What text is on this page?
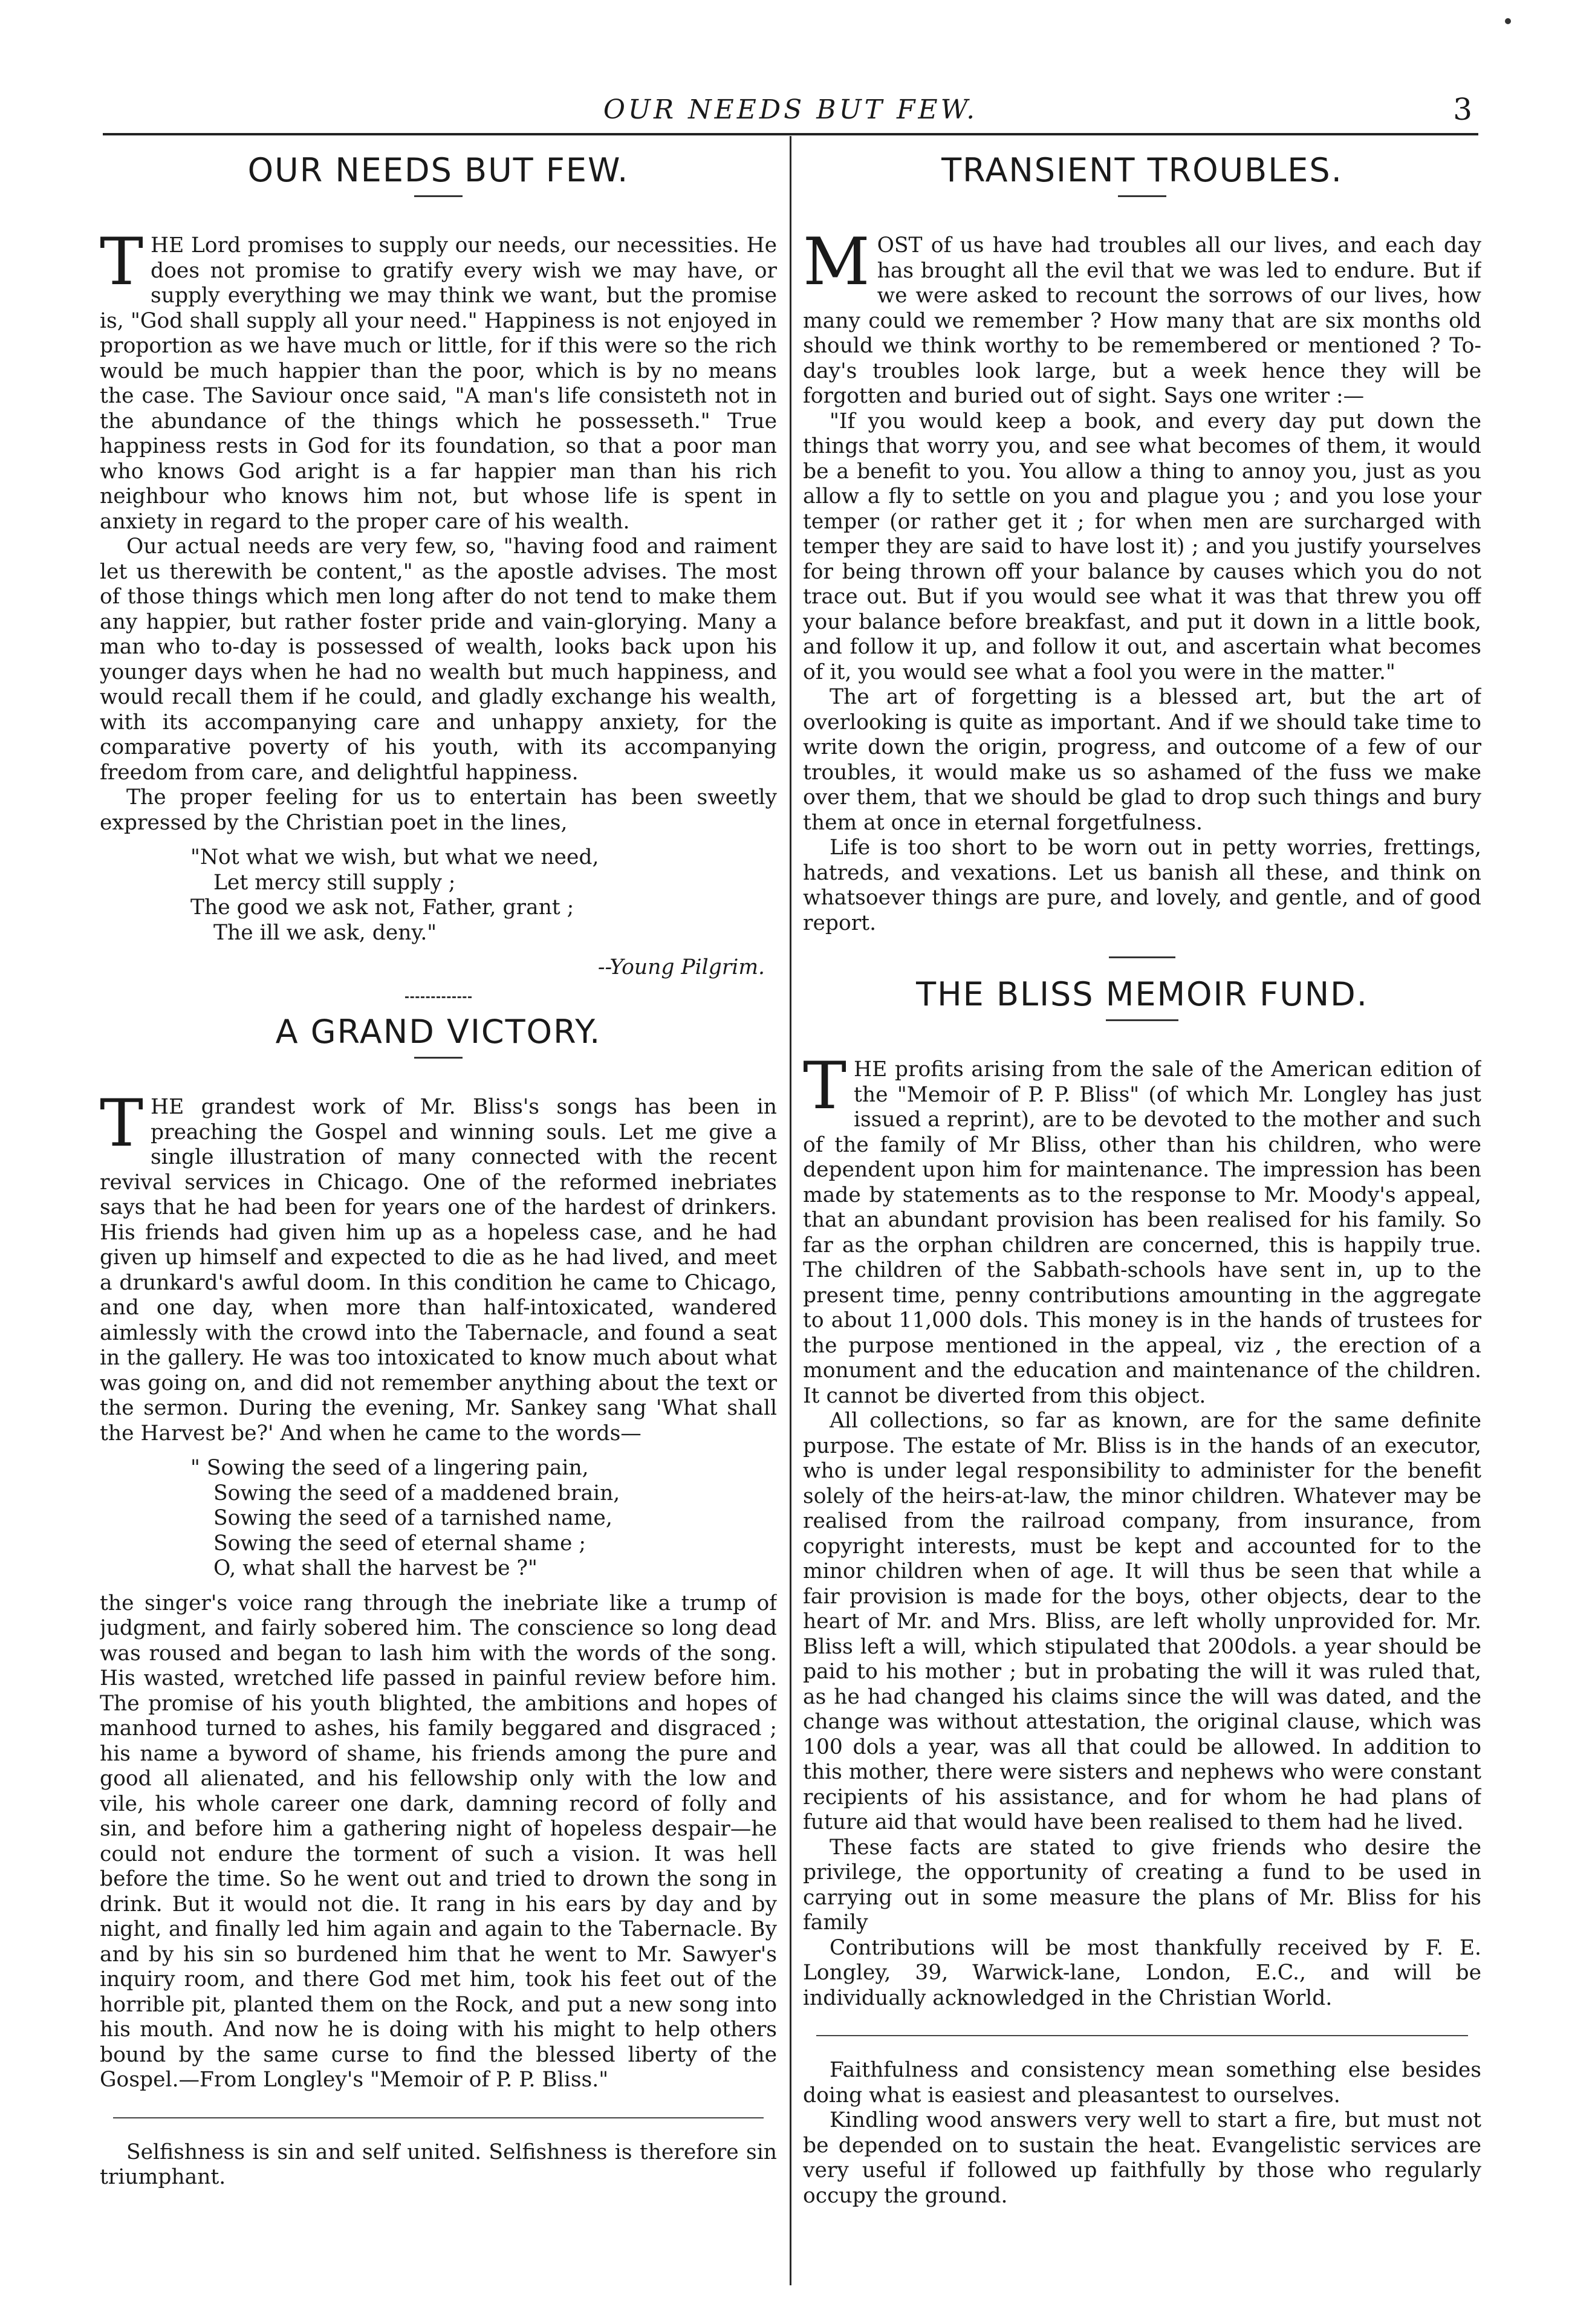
OUR NEEDS BUT FEW.	3
OUR NEEDS BUT FEW.

THE Lord promises to supply our needs, our necessities. He does not promise to gratify every wish we may have, or supply everything we may think we want, but the promise is, "God shall supply all your need." Happiness is not enjoyed in proportion as we have much or little, for if this were so the rich would be much happier than the poor, which is by no means the case. The Saviour once said, "A man's life consisteth not in the abundance of the things which he possesseth." True happiness rests in God for its foundation, so that a poor man who knows God aright is a far happier man than his rich neighbour who knows him not, but whose life is spent in anxiety in regard to the proper care of his wealth.

Our actual needs are very few, so, "having food and raiment let us therewith be content," as the apostle advises. The most of those things which men long after do not tend to make them any happier, but rather foster pride and vain-glorying. Many a man who to-day is possessed of wealth, looks back upon his younger days when he had no wealth but much happiness, and would recall them if he could, and gladly exchange his wealth, with its accompanying care and unhappy anxiety, for the comparative poverty of his youth, with its accompanying freedom from care, and delightful happiness.

The proper feeling for us to entertain has been sweetly expressed by the Christian poet in the lines,

"Not what we wish, but what we need,
Let mercy still supply ;
The good we ask not, Father, grant ;
The ill we ask, deny."
--Young Pilgrim.
A GRAND VICTORY.

THE grandest work of Mr. Bliss's songs has been in preaching the Gospel and winning souls. Let me give a single illustration of many connected with the recent revival services in Chicago. One of the reformed inebriates says that he had been for years one of the hardest of drinkers. His friends had given him up as a hopeless case, and he had given up himself and expected to die as he had lived, and meet a drunkard's awful doom. In this condition he came to Chicago, and one day, when more than half-intoxicated, wandered aimlessly with the crowd into the Tabernacle, and found a seat in the gallery. He was too intoxicated to know much about what was going on, and did not remember anything about the text or the sermon. During the evening, Mr. Sankey sang 'What shall the Harvest be?' And when he came to the words—

" Sowing the seed of a lingering pain,
Sowing the seed of a maddened brain,
Sowing the seed of a tarnished name,
Sowing the seed of eternal shame ;
O, what shall the harvest be ?"

the singer's voice rang through the inebriate like a trump of judgment, and fairly sobered him. The conscience so long dead was roused and began to lash him with the words of the song. His wasted, wretched life passed in painful review before him. The promise of his youth blighted, the ambitions and hopes of manhood turned to ashes, his family beggared and disgraced ; his name a byword of shame, his friends among the pure and good all alienated, and his fellowship only with the low and vile, his whole career one dark, damning record of folly and sin, and before him a gathering night of hopeless despair—he could not endure the torment of such a vision. It was hell before the time. So he went out and tried to drown the song in drink. But it would not die. It rang in his ears by day and by night, and finally led him again and again to the Tabernacle. By and by his sin so burdened him that he went to Mr. Sawyer's inquiry room, and there God met him, took his feet out of the horrible pit, planted them on the Rock, and put a new song into his mouth. And now he is doing with his might to help others bound by the same curse to find the blessed liberty of the Gospel.—From Longley's "Memoir of P. P. Bliss."

Selfishness is sin and self united. Selfishness is therefore sin triumphant.

TRANSIENT TROUBLES.

MOST of us have had troubles all our lives, and each day has brought all the evil that we was led to endure. But if we were asked to recount the sorrows of our lives, how many could we remember ? How many that are six months old should we think worthy to be remembered or mentioned ? To-day's troubles look large, but a week hence they will be forgotten and buried out of sight. Says one writer :—

"If you would keep a book, and every day put down the things that worry you, and see what becomes of them, it would be a benefit to you. You allow a thing to annoy you, just as you allow a fly to settle on you and plague you ; and you lose your temper (or rather get it ; for when men are surcharged with temper they are said to have lost it) ; and you justify yourselves for being thrown off your balance by causes which you do not trace out. But if you would see what it was that threw you off your balance before breakfast, and put it down in a little book, and follow it up, and follow it out, and ascertain what becomes of it, you would see what a fool you were in the matter."

The art of forgetting is a blessed art, but the art of overlooking is quite as important. And if we should take time to write down the origin, progress, and outcome of a few of our troubles, it would make us so ashamed of the fuss we make over them, that we should be glad to drop such things and bury them at once in eternal forgetfulness.

Life is too short to be worn out in petty worries, frettings, hatreds, and vexations. Let us banish all these, and think on whatsoever things are pure, and lovely, and gentle, and of good report.

THE BLISS MEMOIR FUND.

THE profits arising from the sale of the American edition of the "Memoir of P. P. Bliss" (of which Mr. Longley has just issued a reprint), are to be devoted to the mother and such of the family of Mr Bliss, other than his children, who were dependent upon him for maintenance. The impression has been made by statements as to the response to Mr. Moody's appeal, that an abundant provision has been realised for his family. So far as the orphan children are concerned, this is happily true. The children of the Sabbath-schools have sent in, up to the present time, penny contributions amounting in the aggregate to about 11,000 dols. This money is in the hands of trustees for the purpose mentioned in the appeal, viz , the erection of a monument and the education and maintenance of the children. It cannot be diverted from this object.

All collections, so far as known, are for the same definite purpose. The estate of Mr. Bliss is in the hands of an executor, who is under legal responsibility to administer for the benefit solely of the heirs-at-law, the minor children. Whatever may be realised from the railroad company, from insurance, from copyright interests, must be kept and accounted for to the minor children when of age. It will thus be seen that while a fair provision is made for the boys, other objects, dear to the heart of Mr. and Mrs. Bliss, are left wholly unprovided for. Mr. Bliss left a will, which stipulated that 200dols. a year should be paid to his mother ; but in probating the will it was ruled that, as he had changed his claims since the will was dated, and the change was without attestation, the original clause, which was 100 dols a year, was all that could be allowed. In addition to this mother, there were sisters and nephews who were constant recipients of his assistance, and for whom he had plans of future aid that would have been realised to them had he lived.

These facts are stated to give friends who desire the privilege, the opportunity of creating a fund to be used in carrying out in some measure the plans of Mr. Bliss for his family

Contributions will be most thankfully received by F. E. Longley, 39, Warwick-lane, London, E.C., and will be individually acknowledged in the Christian World.

Faithfulness and consistency mean something else besides doing what is easiest and pleasantest to ourselves.

Kindling wood answers very well to start a fire, but must not be depended on to sustain the heat. Evangelistic services are very useful if followed up faithfully by those who regularly occupy the ground.
